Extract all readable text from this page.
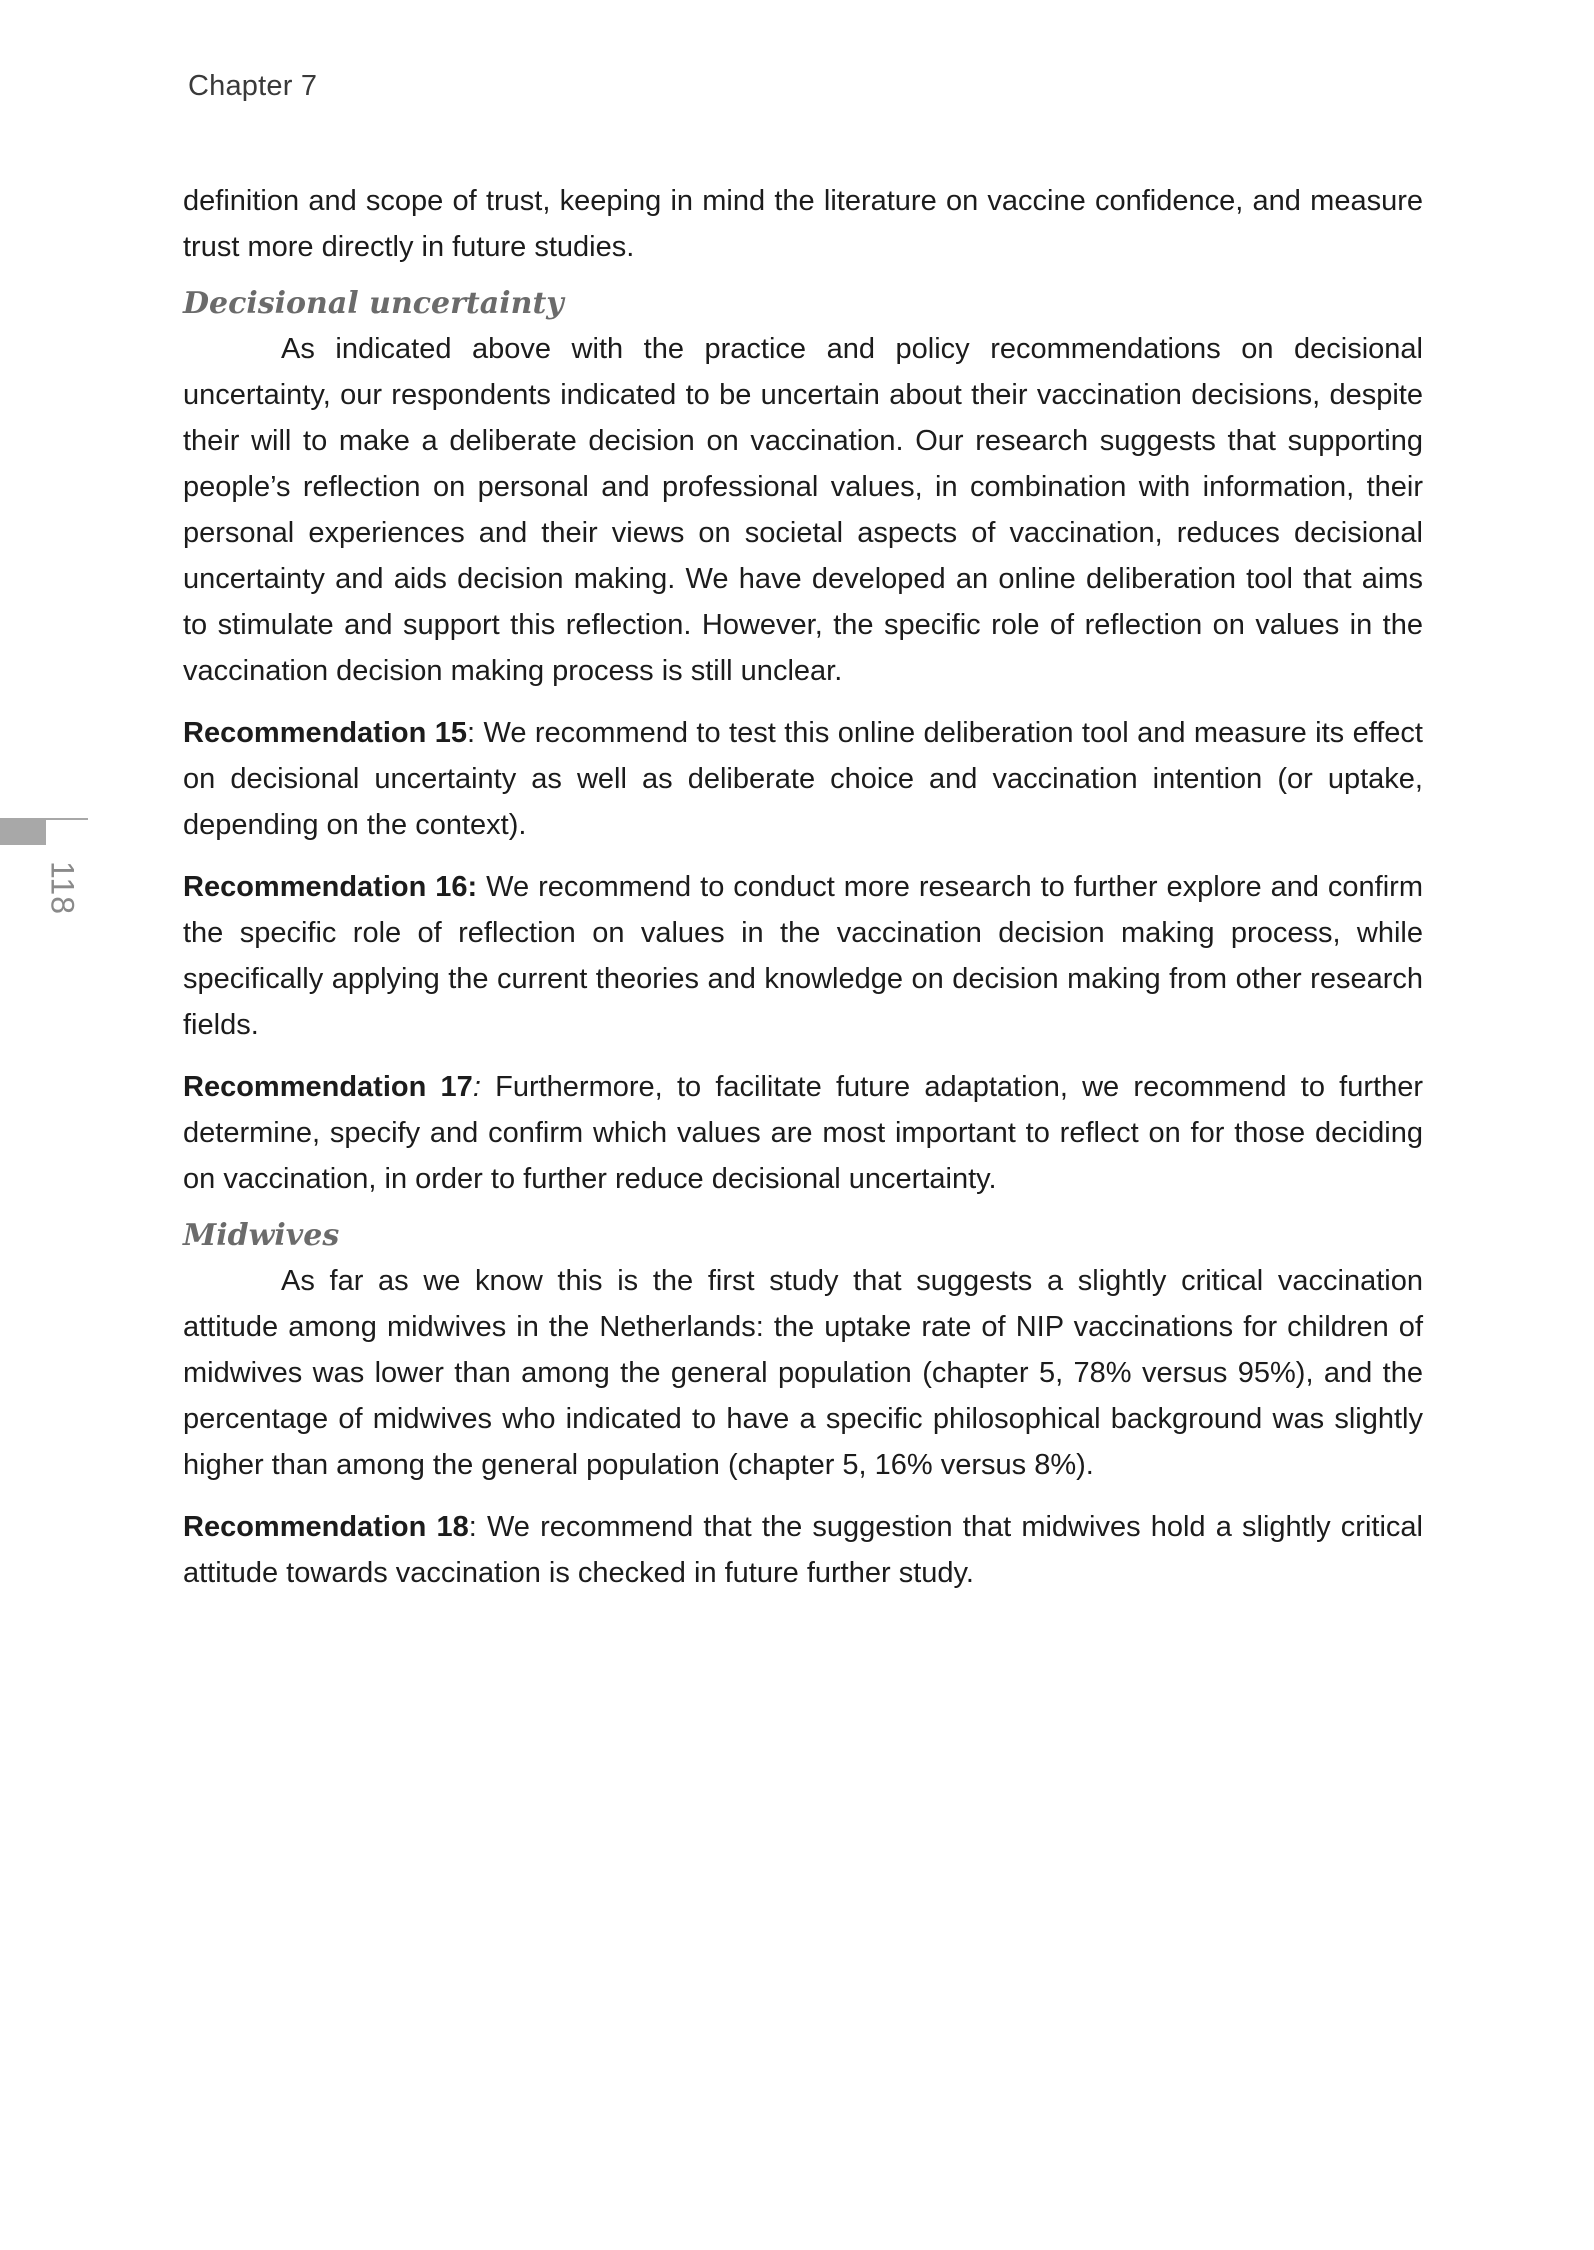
Chapter 7
118

definition and scope of trust, keeping in mind the literature on vaccine confidence, and measure trust more directly in future studies.

Decisional uncertainty

As indicated above with the practice and policy recommendations on decisional uncertainty, our respondents indicated to be uncertain about their vaccination decisions, despite their will to make a deliberate decision on vaccination. Our research suggests that supporting people’s reflection on personal and professional values, in combination with information, their personal experiences and their views on societal aspects of vaccination, reduces decisional uncertainty and aids decision making. We have developed an online deliberation tool that aims to stimulate and support this reflection. However, the specific role of reflection on values in the vaccination decision making process is still unclear.

Recommendation 15: We recommend to test this online deliberation tool and measure its effect on decisional uncertainty as well as deliberate choice and vaccination intention (or uptake, depending on the context).

Recommendation 16: We recommend to conduct more research to further explore and confirm the specific role of reflection on values in the vaccination decision making process, while specifically applying the current theories and knowledge on decision making from other research fields.

Recommendation 17: Furthermore, to facilitate future adaptation, we recommend to further determine, specify and confirm which values are most important to reflect on for those deciding on vaccination, in order to further reduce decisional uncertainty.

Midwives

As far as we know this is the first study that suggests a slightly critical vaccination attitude among midwives in the Netherlands: the uptake rate of NIP vaccinations for children of midwives was lower than among the general population (chapter 5, 78% versus 95%), and the percentage of midwives who indicated to have a specific philosophical background was slightly higher than among the general population (chapter 5, 16% versus 8%).

Recommendation 18: We recommend that the suggestion that midwives hold a slightly critical attitude towards vaccination is checked in future further study.
